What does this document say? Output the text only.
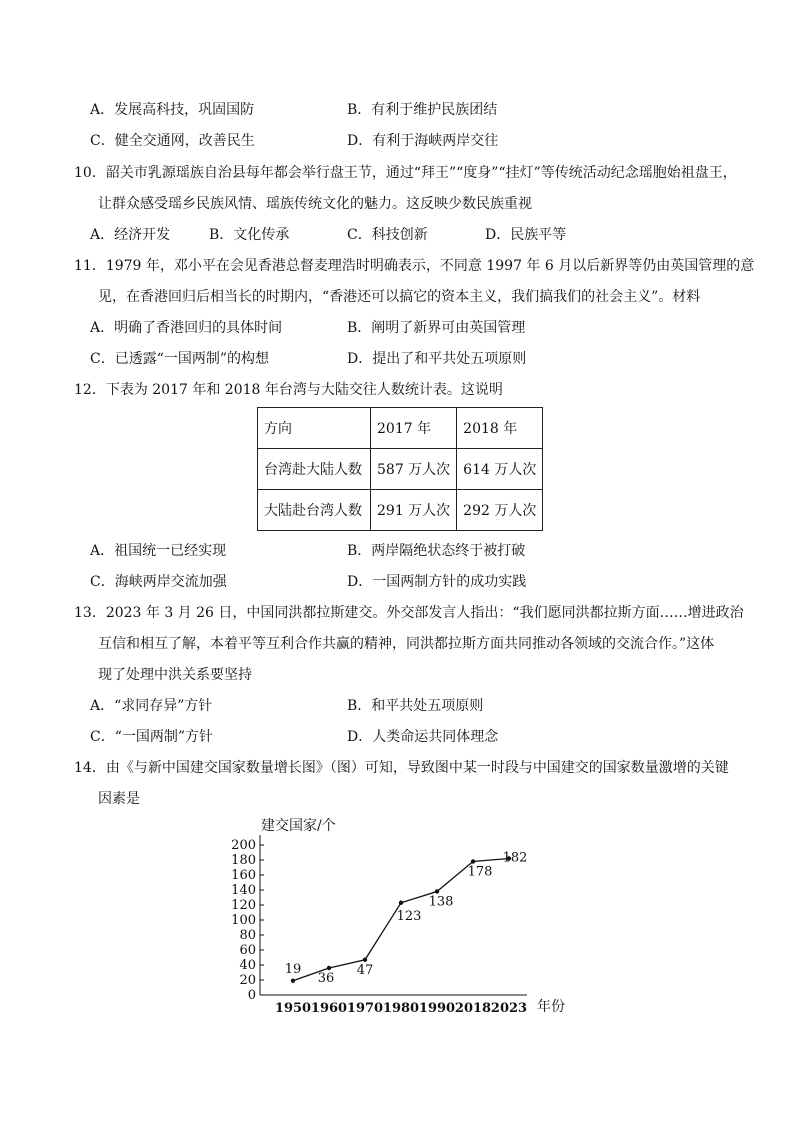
A．发展高科技，巩固国防	B．有利于维护民族团结
C．健全交通网，改善民生	D．有利于海峡两岸交往
10．韶关市乳源瑶族自治县每年都会举行盘王节，通过“拜王”“度身”“挂灯”等传统活动纪念瑶胞始祖盘王，
让群众感受瑶乡民族风情、瑶族传统文化的魅力。这反映少数民族重视
A．经济开发	B．文化传承	C．科技创新	D．民族平等
11．1979 年，邓小平在会见香港总督麦理浩时明确表示，不同意 1997 年 6 月以后新界等仍由英国管理的意
见，在香港回归后相当长的时期内，“香港还可以搞它的资本主义，我们搞我们的社会主义”。材料
A．明确了香港回归的具体时间	B．阐明了新界可由英国管理
C．已透露“一国两制”的构想	D．提出了和平共处五项原则
12．下表为 2017 年和 2018 年台湾与大陆交往人数统计表。这说明
方向	2017 年	2018 年
台湾赴大陆人数	587 万人次	614 万人次
大陆赴台湾人数	291 万人次	292 万人次
A．祖国统一已经实现	B．两岸隔绝状态终于被打破
C．海峡两岸交流加强	D．一国两制方针的成功实践
13．2023 年 3 月 26 日，中国同洪都拉斯建交。外交部发言人指出：“我们愿同洪都拉斯方面……增进政治
互信和相互了解，本着平等互利合作共赢的精神，同洪都拉斯方面共同推动各领域的交流合作。”这体
现了处理中洪关系要坚持
A．“求同存异”方针	B．和平共处五项原则
C．“一国两制”方针	D．人类命运共同体理念
14．由《与新中国建交国家数量增长图》（图）可知，导致图中某一时段与中国建交的国家数量激增的关键
因素是
0
20
40
60
80
100
120
140
160
180
200
建交国家/个
1950 1960 1970 1980 1990 2018 2023 年份
19
36
47
123
138
178
182
